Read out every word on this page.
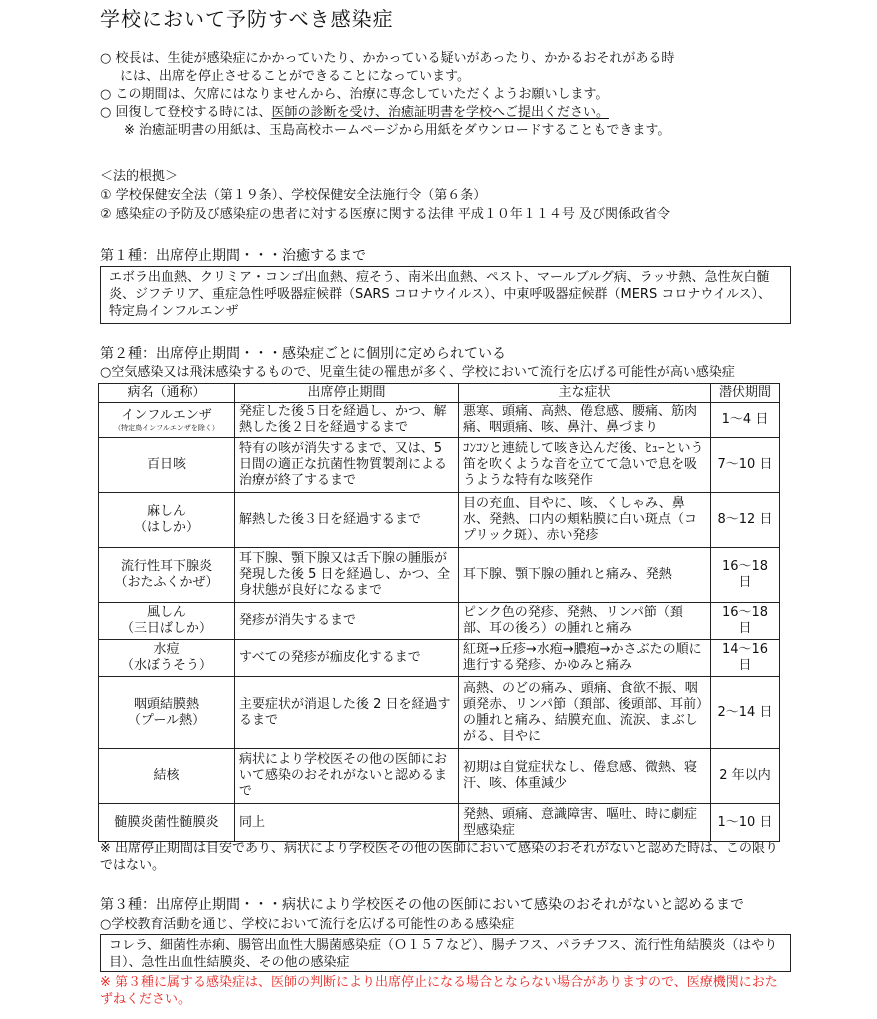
学校において予防すべき感染症
○ 校長は、生徒が感染症にかかっていたり、かかっている疑いがあったり、かかるおそれがある時
には、出席を停止させることができることになっています。
○ この期間は、欠席にはなりませんから、治療に専念していただくようお願いします。
○ 回復して登校する時には、医師の診断を受け、治癒証明書を学校へご提出ください。
※ 治癒証明書の用紙は、玉島高校ホームページから用紙をダウンロードすることもできます。
＜法的根拠＞
① 学校保健安全法（第１９条）、学校保健安全法施行令（第６条）
② 感染症の予防及び感染症の患者に対する医療に関する法律 平成１０年１１４号 及び関係政省令
第１種：出席停止期間・・・治癒するまで
エボラ出血熱、クリミア・コンゴ出血熱、痘そう、南米出血熱、ペスト、マールブルグ病、ラッサ熱、急性灰白髄炎、ジフテリア、重症急性呼吸器症候群（SARS コロナウイルス）、中東呼吸器症候群（MERS コロナウイルス）、特定鳥インフルエンザ
第２種：出席停止期間・・・感染症ごとに個別に定められている
○空気感染又は飛沫感染するもので、児童生徒の罹患が多く、学校において流行を広げる可能性が高い感染症
病名（通称）	出席停止期間	主な症状	潜伏期間
インフルエンザ
（特定鳥インフルエンザを除く）	発症した後５日を経過し、かつ、解熱した後２日を経過するまで	悪寒、頭痛、高熱、倦怠感、腰痛、筋肉痛、咽頭痛、咳、鼻汁、鼻づまり	1～4 日
百日咳	特有の咳が消失するまで、又は、5 日間の適正な抗菌性物質製剤による治療が終了するまで	ｺﾝｺﾝと連続して咳き込んだ後、ﾋｭｰという笛を吹くような音を立てて急いで息を吸うような特有な咳発作	7～10 日
麻しん
（はしか）	解熱した後３日を経過するまで	目の充血、目やに、咳、くしゃみ、鼻水、発熱、口内の頬粘膜に白い斑点（コプリック斑）、赤い発疹	8～12 日
流行性耳下腺炎
（おたふくかぜ）	耳下腺、顎下腺又は舌下腺の腫脹が発現した後 5 日を経過し、かつ、全身状態が良好になるまで	耳下腺、顎下腺の腫れと痛み、発熱	16～18 日
風しん
（三日ばしか）	発疹が消失するまで	ピンク色の発疹、発熱、リンパ節（頚部、耳の後ろ）の腫れと痛み	16～18 日
水痘
（水ぼうそう）	すべての発疹が痂皮化するまで	紅斑→丘疹→水疱→膿疱→かさぶたの順に進行する発疹、かゆみと痛み	14～16 日
咽頭結膜熱
（プール熱）	主要症状が消退した後 2 日を経過するまで	高熱、のどの痛み、頭痛、食欲不振、咽頭発赤、リンパ節（頚部、後頭部、耳前）の腫れと痛み、結膜充血、流涙、まぶしがる、目やに	2～14 日
結核	病状により学校医その他の医師において感染のおそれがないと認めるまで	初期は自覚症状なし、倦怠感、微熱、寝汗、咳、体重減少	2 年以内
髄膜炎菌性髄膜炎	同上	発熱、頭痛、意識障害、嘔吐、時に劇症型感染症	1～10 日
※ 出席停止期間は目安であり、病状により学校医その他の医師において感染のおそれがないと認めた時は、この限りではない。
第３種：出席停止期間・・・病状により学校医その他の医師において感染のおそれがないと認めるまで
○学校教育活動を通じ、学校において流行を広げる可能性のある感染症
コレラ、細菌性赤痢、腸管出血性大腸菌感染症（Ｏ１５７など）、腸チフス、パラチフス、流行性角結膜炎（はやり目）、急性出血性結膜炎、その他の感染症
※ 第３種に属する感染症は、医師の判断により出席停止になる場合とならない場合がありますので、医療機関におたずねください。
